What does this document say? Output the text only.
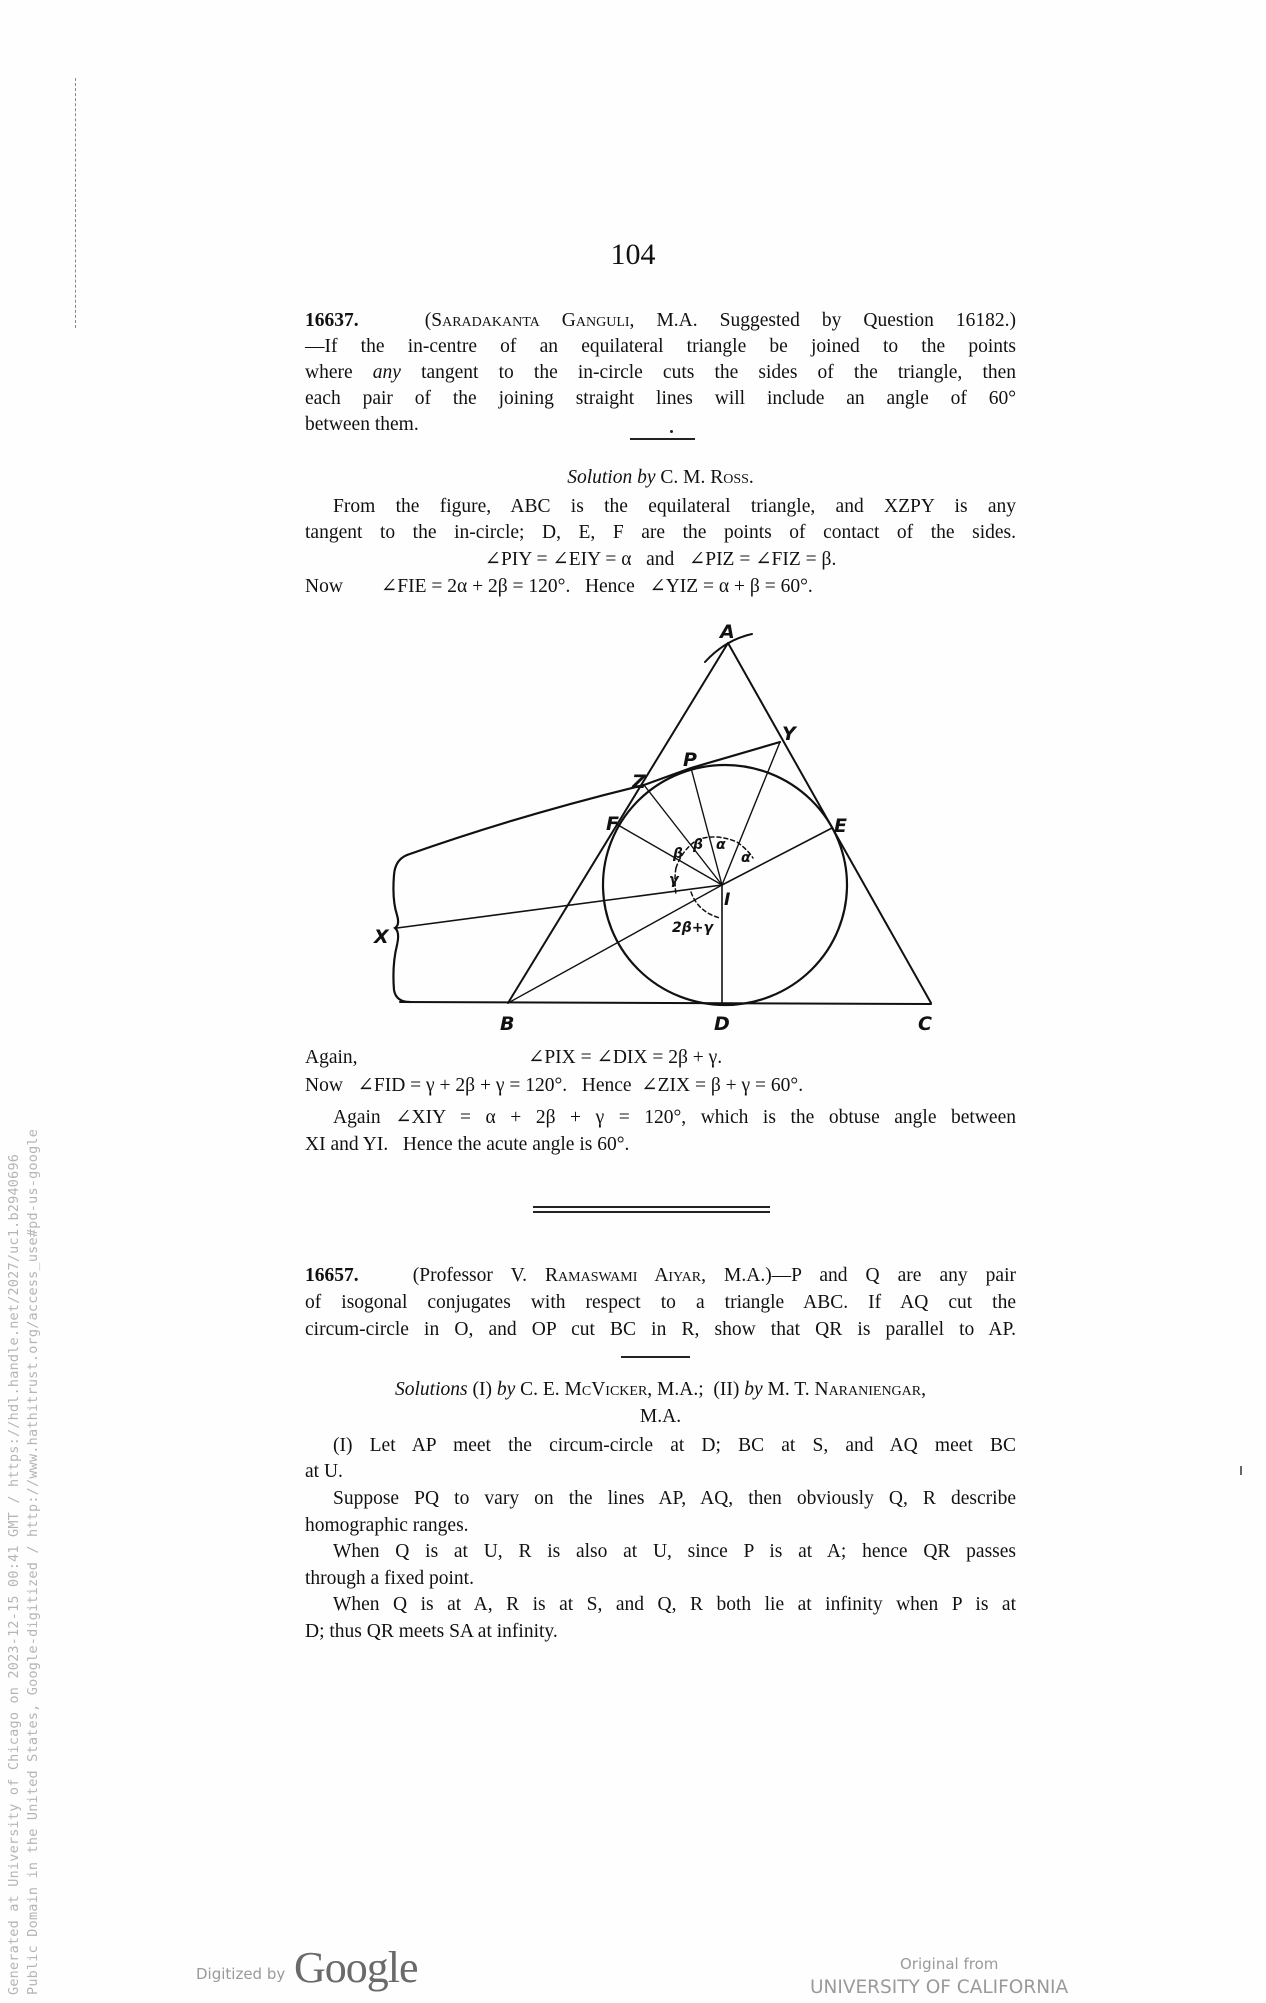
Generated at University of Chicago on 2023-12-15 00:41 GMT / https://hdl.handle.net/2027/uc1.b2940696 Public Domain in the United States, Google-digitized / http://www.hathitrust.org/access_use#pd-us-google
104
16637.	(Saradakanta Ganguli, M.A. Suggested by Question 16182.)
—If the in-centre of an equilateral triangle be joined to the points
where any tangent to the in-circle cuts the sides of the triangle, then
each pair of the joining straight lines will include an angle of 60°
between them.
Solution by C. M. Ross.
From the figure, ABC is the equilateral triangle, and XZPY is any
tangent to the in-circle; D, E, F are the points of contact of the sides.
∠PIY = ∠EIY = α   and   ∠PIZ = ∠FIZ = β.
Now ∠FIE = 2α + 2β = 120°.   Hence   ∠YIZ = α + β = 60°.
A
B	C
D
E
F
I
P
X
Y
Z
β
β α
α
γ
2β+γ
Again,	∠PIX = ∠DIX = 2β + γ.
Now   ∠FID = γ + 2β + γ = 120°.   Hence  ∠ZIX = β + γ = 60°.
Again ∠XIY = α + 2β + γ = 120°, which is the obtuse angle between
XI and YI.   Hence the acute angle is 60°.
16657.	(Professor V. Ramaswami Aiyar, M.A.)—P and Q are any pair
of isogonal conjugates with respect to a triangle ABC. If AQ cut the
circum-circle in O, and OP cut BC in R, show that QR is parallel to AP.
Solutions (I) by C. E. McVicker, M.A.;  (II) by M. T. Naraniengar,
M.A.
(I) Let AP meet the circum-circle at D; BC at S, and AQ meet BC
at U.
Suppose PQ to vary on the lines AP, AQ, then obviously Q, R describe
homographic ranges.
When Q is at U, R is also at U, since P is at A; hence QR passes
through a fixed point.
When Q is at A, R is at S, and Q, R both lie at infinity when P is at
D; thus QR meets SA at infinity.
Digitized by Google	Original from
UNIVERSITY OF CALIFORNIA
